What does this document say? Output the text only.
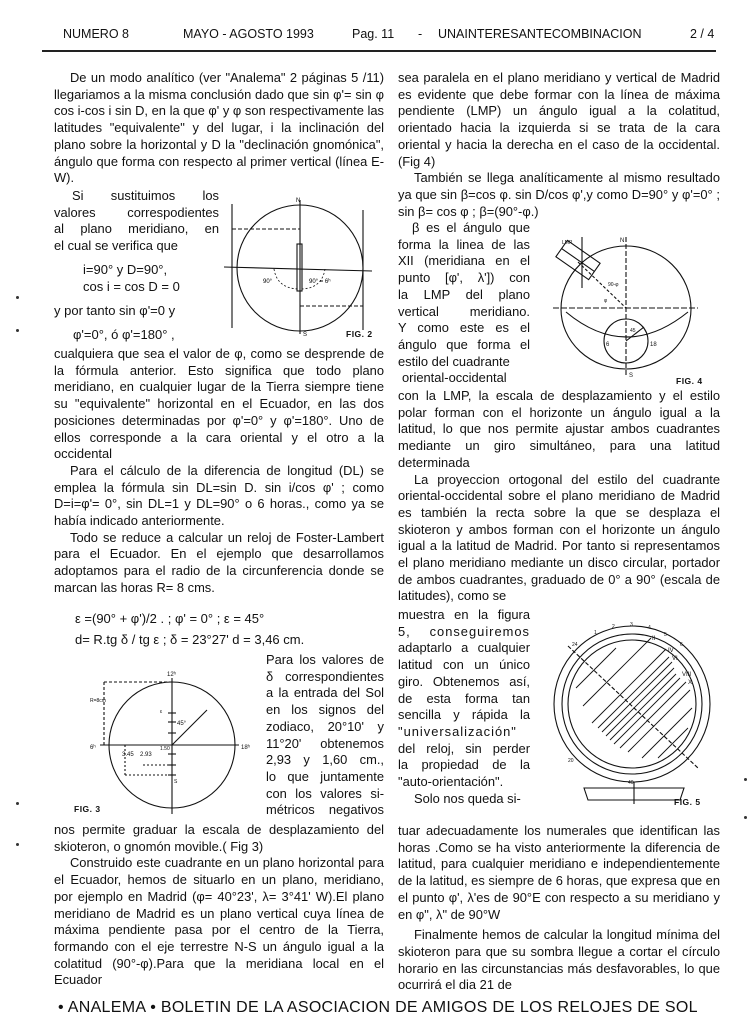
NUMERO 8	MAYO - AGOSTO 1993	Pag. 11 - UNAINTERESANTECOMBINACION	2 / 4

De un modo analítico (ver "Analema" 2 páginas 5 /11) llegariamos a la misma conclusión dado que sin φ'= sin φ cos i-cos i sin D, en la que φ' y φ son respectivamente las latitudes "equivalente" y del lugar, i la inclinación del plano sobre la horizontal y D la "declinación gnomónica", ángulo que forma con respecto al primer vertical (línea E-W).

Si sustituimos los

valores correspodientes

al plano meridiano, en

el cual se verifica que

i=90° y D=90°,
cos i = cos D = 0
y por tanto sin φ'=0 y
φ'=0°, ó φ'=180° ,
N
S
90°	90° = 6ʰ
FIG. 2

cualquiera que sea el valor de φ, como se desprende de la fórmula anterior. Esto significa que todo plano meridiano, en cualquier lugar de la Tierra siempre tiene su "equivalente" horizontal en el Ecuador, en las dos posiciones determinadas por φ'=0° y φ'=180°. Uno de ellos corresponde a la cara oriental y el otro a la occidental

Para el cálculo de la diferencia de longitud (DL) se emplea la fórmula sin DL=sin D. sin i/cos φ' ; como D=i=φ'= 0°, sin DL=1 y DL=90° o 6 horas., como ya se había indicado anteriormente.

Todo se reduce a calcular un reloj de Foster-Lambert para el Ecuador. En el ejemplo que desarrollamos adoptamos para el radio de la circunferencia donde se marcan las horas R= 8 cms.

ε =(90° + φ')/2 . ; φ' = 0° ; ε = 45°
d= R.tg δ / tg ε ; δ = 23°27' d = 3,46 cm.
12ʰ
6ʰ	18ʰ
R=8cm
45°
ε
3.45 2.93
1.50
S
FIG. 3

Para los valores de

δ correspondientes

a la entrada del Sol

en los signos del

zodiaco, 20°10' y

11°20' obtenemos

2,93 y 1,60 cm.,

lo que juntamente

con los valores si-

métricos negativos

nos permite graduar la escala de desplazamiento del skioteron, o gnomón movible.( Fig 3)

Construido este cuadrante en un plano horizontal para el Ecuador, hemos de situarlo en un plano, meridiano, por ejemplo en Madrid (φ= 40°23', λ= 3°41' W).El plano meridiano de Madrid es un plano vertical cuya línea de máxima pendiente pasa por el centro de la Tierra, formando con el eje terrestre N-S un ángulo igual a la colatitud (90°-φ).Para que la meridiana local en el Ecuador

sea paralela en el plano meridiano y vertical de Madrid es evidente que debe formar con la línea de máxima pendiente (LMP) un ángulo igual a la colatitud, orientado hacia la izquierda si se trata de la cara oriental y hacia la derecha en el caso de la occidental. (Fig 4)

También se llega analíticamente al mismo resultado ya que sin β=cos φ. sin D/cos φ',y como D=90° y φ'=0° ; sin β= cos φ ; β=(90°-φ.)

β es el ángulo que

forma la linea de las

XII (meridiana en el

punto [φ', λ']) con

la LMP del plano

vertical meridiano.

Y como este es el

ángulo que forma el

estilo del cuadrante

oriental-occidental

N
S
LMP
90-φ
φ
6	18
45
FIG. 4

con la LMP, la escala de desplazamiento y el estilo polar forman con el horizonte un ángulo igual a la latitud, lo que nos permite ajustar ambos cuadrantes mediante un giro simultáneo, para una latitud determinada

La proyeccion ortogonal del estilo del cuadrante oriental-occidental sobre el plano meridiano de Madrid es también la recta sobre la que se desplaza el skioteron y ambos forman con el horizonte un ángulo igual a la latitud de Madrid. Por tanto si representamos el plano meridiano mediante un disco circular, portador de ambos cuadrantes, graduado de 0° a 90° (escala de latitudes), como se

muestra en la figura

5, conseguiremos

adaptarlo a cualquier

latitud con un único

giro. Obtenemos así,

de esta forma tan

sencilla y rápida la

"universalización"

del reloj, sin perder

la propiedad de la

"auto-orientación".

Solo nos queda si-

II
IV
VI
VIII
X
1
2	3	4
5
6
24
20
40
FIG. 5

tuar adecuadamente los numerales que identifican las horas .Como se ha visto anteriormente la diferencia de latitud, para cualquier meridiano e independientemente de la latitud, es siempre de 6 horas, que expresa que en el punto φ', λ'es de 90°E con respecto a su meridiano y en φ", λ" de 90°W

Finalmente hemos de calcular la longitud mínima del skioteron para que su sombra llegue a cortar el círculo horario en las circunstancias más desfavorables, lo que ocurrirá el dia 21 de

• ANALEMA • BOLETIN DE LA ASOCIACION DE AMIGOS DE LOS RELOJES DE SOL
